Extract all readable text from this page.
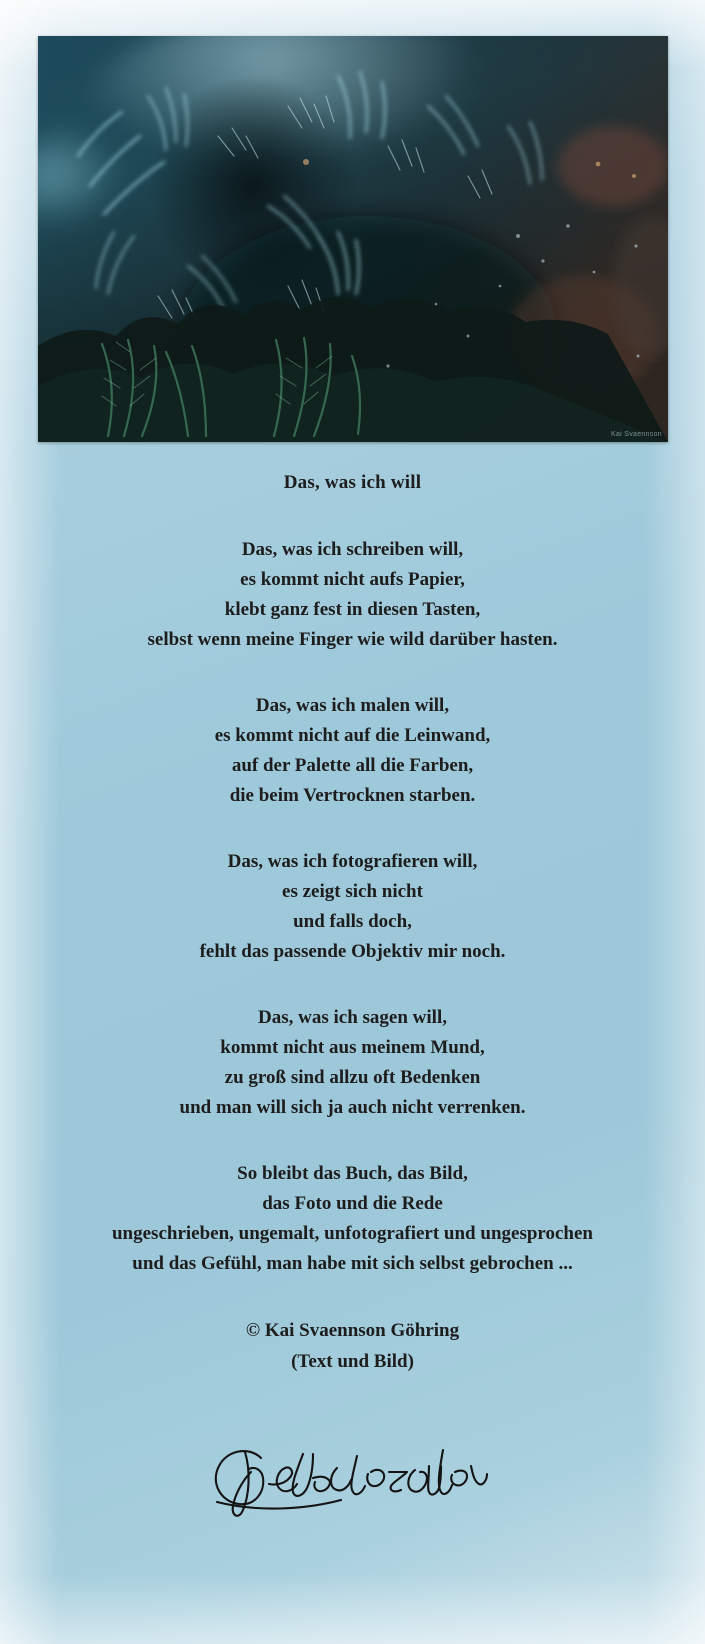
Kai Svaennson
Das, was ich will
Das, was ich schreiben will,
es kommt nicht aufs Papier,
klebt ganz fest in diesen Tasten,
selbst wenn meine Finger wie wild darüber hasten.
Das, was ich malen will,
es kommt nicht auf die Leinwand,
auf der Palette all die Farben,
die beim Vertrocknen starben.
Das, was ich fotografieren will,
es zeigt sich nicht
und falls doch,
fehlt das passende Objektiv mir noch.
Das, was ich sagen will,
kommt nicht aus meinem Mund,
zu groß sind allzu oft Bedenken
und man will sich ja auch nicht verrenken.
So bleibt das Buch, das Bild,
das Foto und die Rede
ungeschrieben, ungemalt, unfotografiert und ungesprochen
und das Gefühl, man habe mit sich selbst gebrochen ...
© Kai Svaennson Göhring
(Text und Bild)
